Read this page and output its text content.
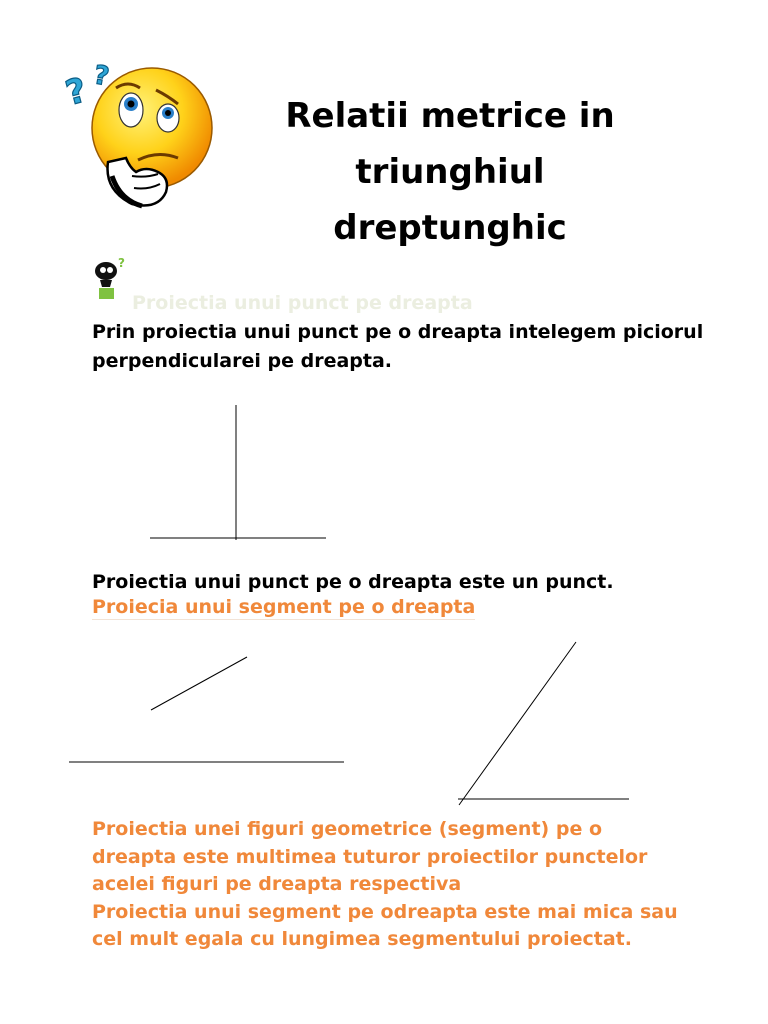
? ?
?
Relatii metrice in
triunghiul
dreptunghic
Proiectia unui punct pe dreapta
Prin proiectia unui punct pe o dreapta intelegem piciorul perpendicularei pe dreapta.
Proiectia unui punct pe o dreapta este un punct.
Proiecia unui segment pe o dreapta
Proiectia unei figuri geometrice (segment) pe o dreapta este multimea tuturor proiectilor punctelor acelei figuri pe dreapta respectiva
Proiectia unui segment pe odreapta este mai mica sau cel mult egala cu lungimea segmentului proiectat.
